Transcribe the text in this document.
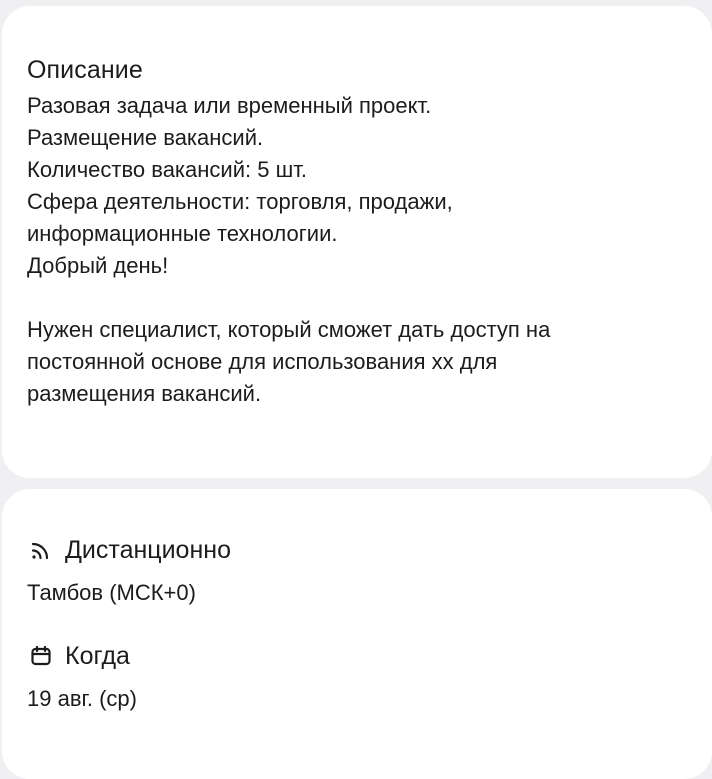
Описание
Разовая задача или временный проект.
Размещение вакансий.
Количество вакансий: 5 шт.
Сфера деятельности: торговля, продажи,
информационные технологии.
Добрый день!
Нужен специалист, который сможет дать доступ на
постоянной основе для использования хх для
размещения вакансий.
Дистанционно
Тамбов (МСК+0)
Когда
19 авг. (ср)
